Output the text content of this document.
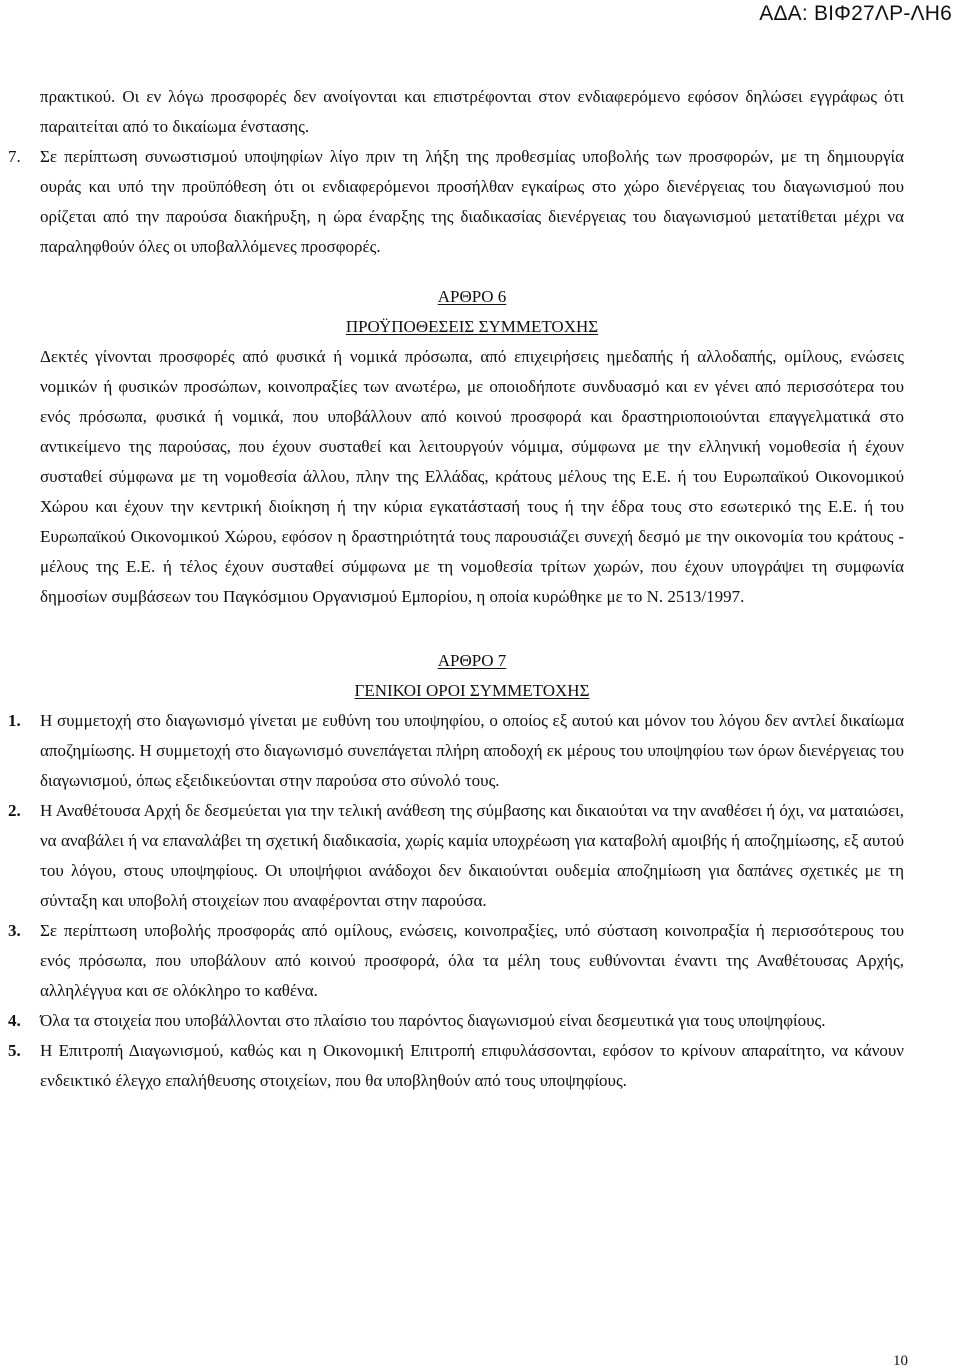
ΑΔΑ: ΒΙΦ27ΛΡ-ΛΗ6

πρακτικού. Οι εν λόγω προσφορές δεν ανοίγονται και επιστρέφονται στον ενδιαφερόμενο εφόσον δηλώσει εγγράφως ότι παραιτείται από το δικαίωμα ένστασης.

7.	Σε περίπτωση συνωστισμού υποψηφίων λίγο πριν τη λήξη της προθεσμίας υποβολής των προσφορών, με τη δημιουργία ουράς και υπό την προϋπόθεση ότι οι ενδιαφερόμενοι προσήλθαν εγκαίρως στο χώρο διενέργειας του διαγωνισμού που ορίζεται από την παρούσα διακήρυξη, η ώρα έναρξης της διαδικασίας διενέργειας του διαγωνισμού μετατίθεται μέχρι να παραληφθούν όλες οι υποβαλλόμενες προσφορές.
ΑΡΘΡΟ 6
ΠΡΟΫΠΟΘΕΣΕΙΣ ΣΥΜΜΕΤΟΧΗΣ

Δεκτές γίνονται προσφορές από φυσικά ή νομικά πρόσωπα, από επιχειρήσεις ημεδαπής ή αλλοδαπής, ομίλους, ενώσεις νομικών ή φυσικών προσώπων, κοινοπραξίες των ανωτέρω, με οποιοδήποτε συνδυασμό και εν γένει από περισσότερα του ενός πρόσωπα, φυσικά ή νομικά, που υποβάλλουν από κοινού προσφορά και δραστηριοποιούνται επαγγελματικά στο αντικείμενο της παρούσας, που έχουν συσταθεί και λειτουργούν νόμιμα, σύμφωνα με την ελληνική νομοθεσία ή έχουν συσταθεί σύμφωνα με τη νομοθεσία άλλου, πλην της Ελλάδας, κράτους μέλους της Ε.Ε. ή του Ευρωπαϊκού Οικονομικού Χώρου και έχουν την κεντρική διοίκηση ή την κύρια εγκατάστασή τους ή την έδρα τους στο εσωτερικό της Ε.Ε. ή του Ευρωπαϊκού Οικονομικού Χώρου, εφόσον η δραστηριότητά τους παρουσιάζει συνεχή δεσμό με την οικονομία του κράτους - μέλους της Ε.Ε. ή τέλος έχουν συσταθεί σύμφωνα με τη νομοθεσία τρίτων χωρών, που έχουν υπογράψει τη συμφωνία δημοσίων συμβάσεων του Παγκόσμιου Οργανισμού Εμπορίου, η οποία κυρώθηκε με το Ν. 2513/1997.

ΑΡΘΡΟ 7
ΓΕΝΙΚΟΙ ΟΡΟΙ ΣΥΜΜΕΤΟΧΗΣ
1.	Η συμμετοχή στο διαγωνισμό γίνεται με ευθύνη του υποψηφίου, ο οποίος εξ αυτού και μόνον του λόγου δεν αντλεί δικαίωμα αποζημίωσης. Η συμμετοχή στο διαγωνισμό συνεπάγεται πλήρη αποδοχή εκ μέρους του υποψηφίου των όρων διενέργειας του διαγωνισμού, όπως εξειδικεύονται στην παρούσα στο σύνολό τους.
2.	Η Αναθέτουσα Αρχή δε δεσμεύεται για την τελική ανάθεση της σύμβασης και δικαιούται να την αναθέσει ή όχι, να ματαιώσει, να αναβάλει ή να επαναλάβει τη σχετική διαδικασία, χωρίς καμία υποχρέωση για καταβολή αμοιβής ή αποζημίωσης, εξ αυτού του λόγου, στους υποψηφίους. Οι υποψήφιοι ανάδοχοι δεν δικαιούνται ουδεμία αποζημίωση για δαπάνες σχετικές με τη σύνταξη και υποβολή στοιχείων που αναφέρονται στην παρούσα.
3.	Σε περίπτωση υποβολής προσφοράς από ομίλους, ενώσεις, κοινοπραξίες, υπό σύσταση κοινοπραξία ή περισσότερους του ενός πρόσωπα, που υποβάλουν από κοινού προσφορά, όλα τα μέλη τους ευθύνονται έναντι της Αναθέτουσας Αρχής, αλληλέγγυα και σε ολόκληρο το καθένα.
4.	Όλα τα στοιχεία που υποβάλλονται στο πλαίσιο του παρόντος διαγωνισμού είναι δεσμευτικά για τους υποψηφίους.
5.	Η Επιτροπή Διαγωνισμού, καθώς και η Οικονομική Επιτροπή επιφυλάσσονται, εφόσον το κρίνουν απαραίτητο, να κάνουν ενδεικτικό έλεγχο επαλήθευσης στοιχείων, που θα υποβληθούν από τους υποψηφίους.
10
